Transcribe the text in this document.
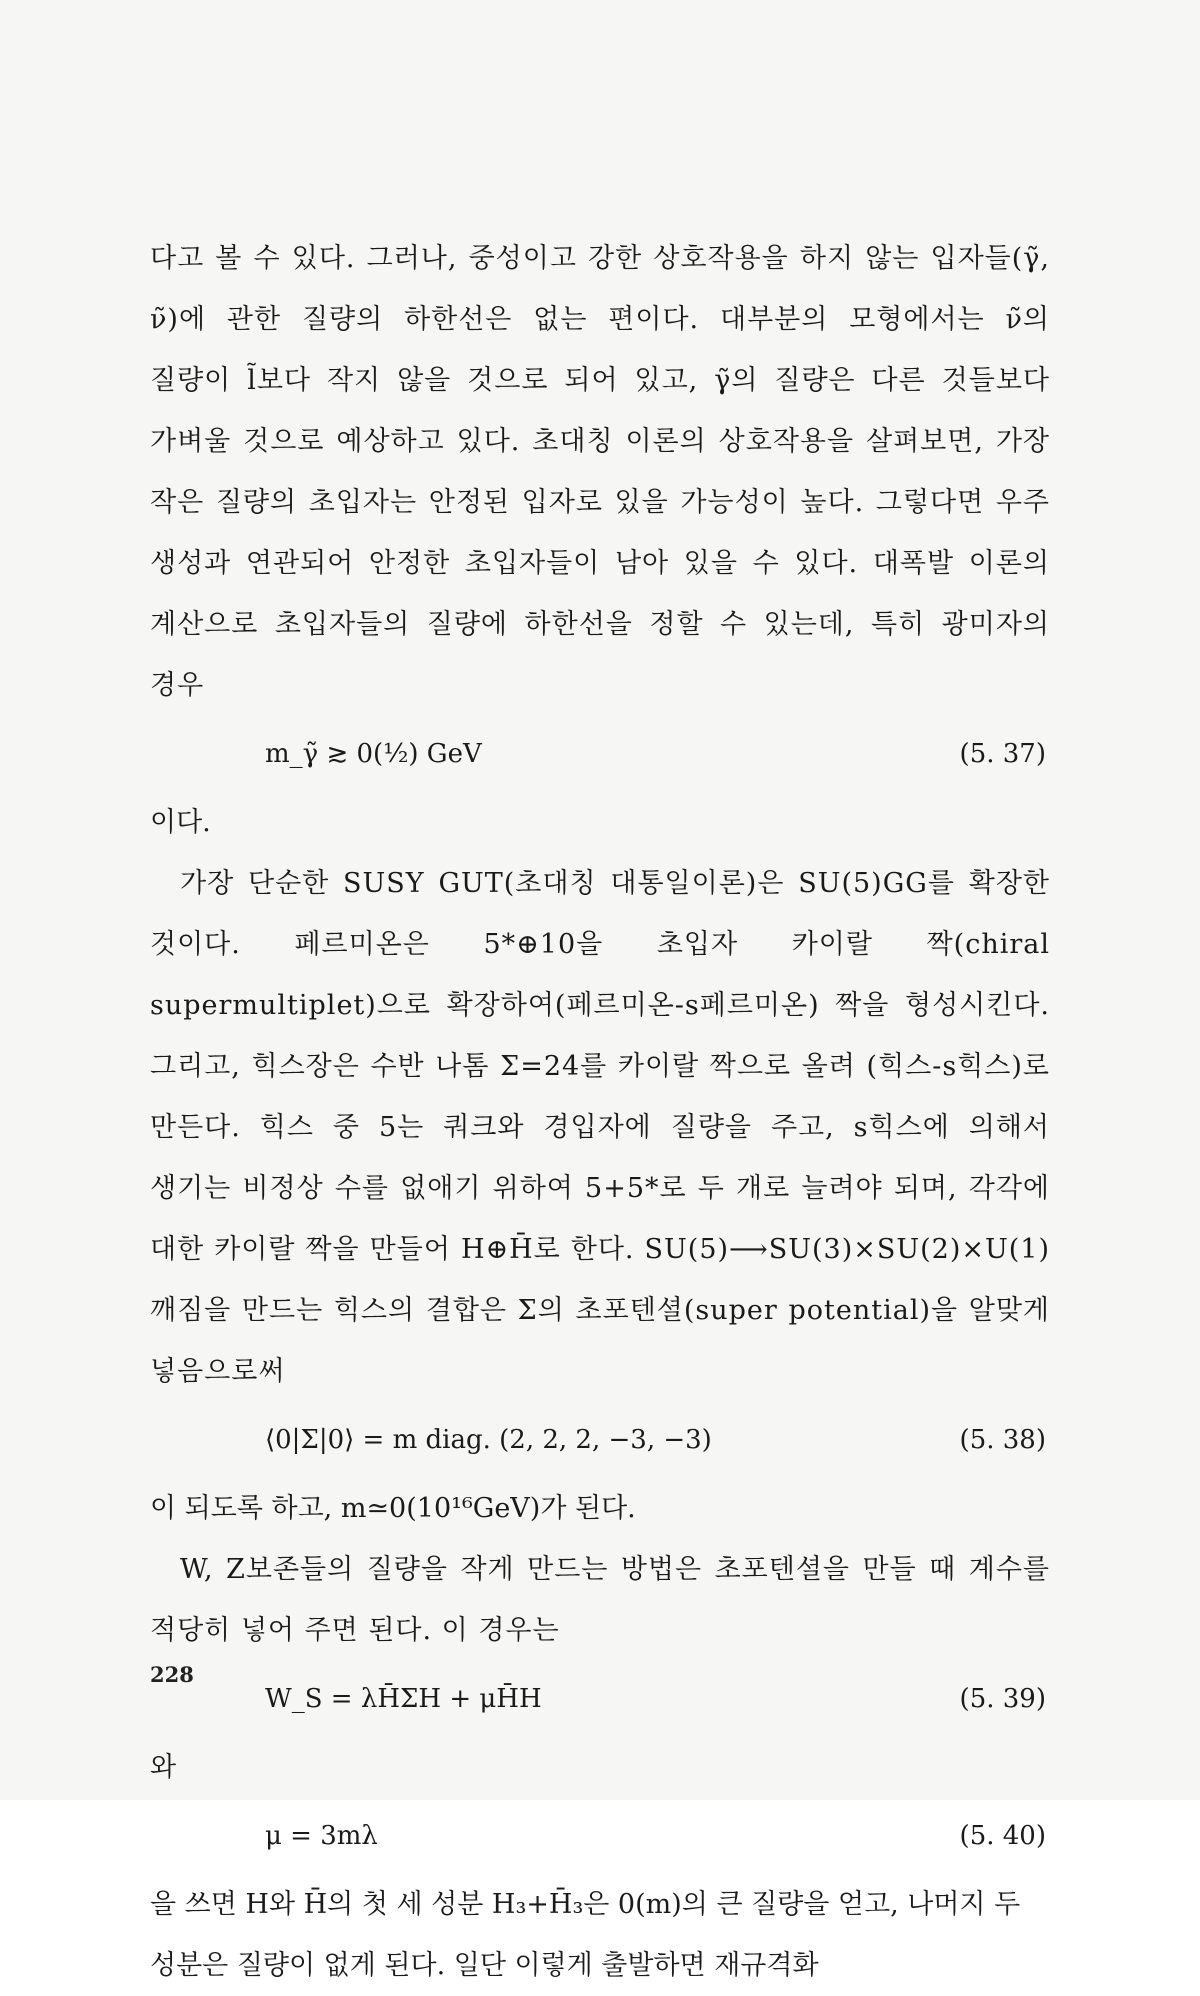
다고 볼 수 있다. 그러나, 중성이고 강한 상호작용을 하지 않는 입자들(γ̃, ν̃)에 관한 질량의 하한선은 없는 편이다. 대부분의 모형에서는 ν̃의 질량이 l̃보다 작지 않을 것으로 되어 있고, γ̃의 질량은 다른 것들보다 가벼울 것으로 예상하고 있다. 초대칭 이론의 상호작용을 살펴보면, 가장 작은 질량의 초입자는 안정된 입자로 있을 가능성이 높다. 그렇다면 우주 생성과 연관되어 안정한 초입자들이 남아 있을 수 있다. 대폭발 이론의 계산으로 초입자들의 질량에 하한선을 정할 수 있는데, 특히 광미자의 경우

m_γ̃ ≳ 0(½) GeV	(5. 37)

이다.

가장 단순한 SUSY GUT(초대칭 대통일이론)은 SU(5)GG를 확장한 것이다. 페르미온은 5*⊕10을 초입자 카이랄 짝(chiral supermultiplet)으로 확장하여(페르미온-s페르미온) 짝을 형성시킨다. 그리고, 힉스장은 수반 나톰 Σ=24를 카이랄 짝으로 올려 (힉스-s힉스)로 만든다. 힉스 중 5는 쿼크와 경입자에 질량을 주고, s힉스에 의해서 생기는 비정상 수를 없애기 위하여 5+5*로 두 개로 늘려야 되며, 각각에 대한 카이랄 짝을 만들어 H⊕H̄로 한다. SU(5)⟶SU(3)×SU(2)×U(1) 깨짐을 만드는 힉스의 결합은 Σ의 초포텐셜(super potential)을 알맞게 넣음으로써

⟨0|Σ|0⟩ = m diag. (2, 2, 2, −3, −3)	(5. 38)

이 되도록 하고, m≃0(10¹⁶GeV)가 된다.

W, Z보존들의 질량을 작게 만드는 방법은 초포텐셜을 만들 때 계수를 적당히 넣어 주면 된다. 이 경우는

W_S = λH̄ΣH + μH̄H	(5. 39)

와

μ = 3mλ	(5. 40)

을 쓰면 H와 H̄의 첫 세 성분 H₃+H̄₃은 0(m)의 큰 질량을 얻고, 나머지 두 성분은 질량이 없게 된다. 일단 이렇게 출발하면 재규격화

228
